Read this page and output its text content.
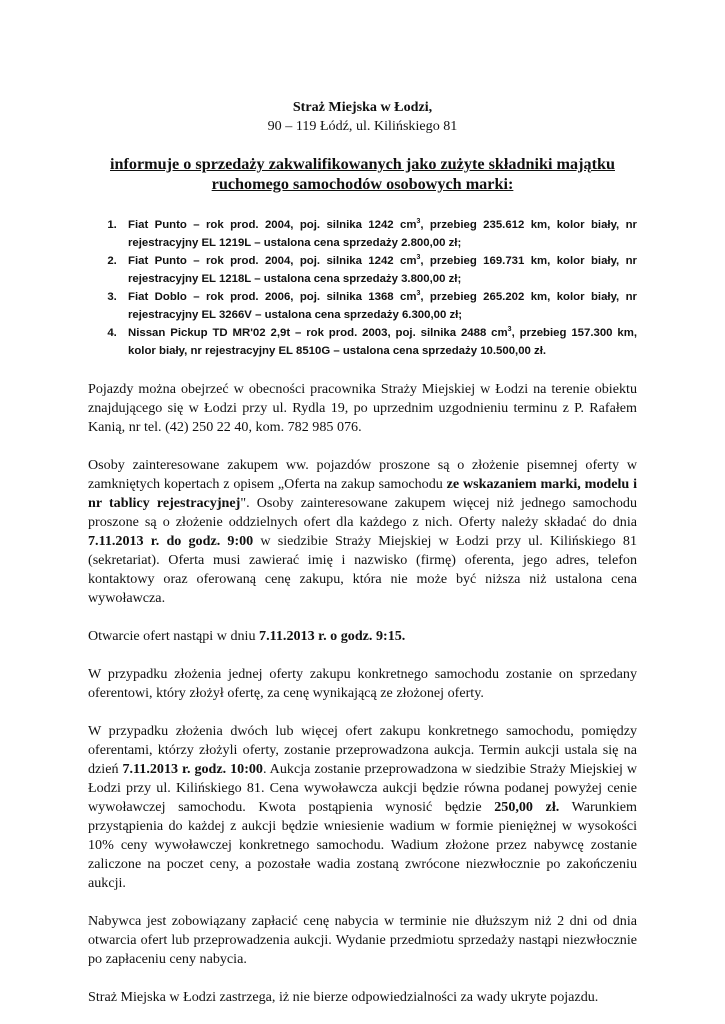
Straż Miejska w Łodzi,

90 – 119 Łódź, ul. Kilińskiego 81

informuje o sprzedaży zakwalifikowanych jako zużyte składniki majątku ruchomego samochodów osobowych marki:

1. Fiat Punto – rok prod. 2004, poj. silnika 1242 $cm^3$, przebieg 235.612 km, kolor biały, nr rejestracyjny EL 1219L – ustalona cena sprzedaży 2.800,00 zł;
2. Fiat Punto – rok prod. 2004, poj. silnika 1242 $cm^3$, przebieg 169.731 km, kolor biały, nr rejestracyjny EL 1218L – ustalona cena sprzedaży 3.800,00 zł;
3. Fiat Doblo – rok prod. 2006, poj. silnika 1368 $cm^3$, przebieg 265.202 km, kolor biały, nr rejestracyjny EL 3266V – ustalona cena sprzedaży 6.300,00 zł;
4. Nissan Pickup TD MR'02 2,9t – rok prod. 2003, poj. silnika 2488 $cm^3$, przebieg 157.300 km, kolor biały, nr rejestracyjny EL 8510G – ustalona cena sprzedaży 10.500,00 zł.

Pojazdy można obejrzeć w obecności pracownika Straży Miejskiej w Łodzi na terenie obiektu znajdującego się w Łodzi przy ul. Rydla 19, po uprzednim uzgodnieniu terminu z P. Rafałem Kanią, nr tel. (42) 250 22 40, kom. 782 985 076.

Osoby zainteresowane zakupem ww. pojazdów proszone są o złożenie pisemnej oferty w zamkniętych kopertach z opisem „Oferta na zakup samochodu ze wskazaniem marki, modelu i nr tablicy rejestracyjnej". Osoby zainteresowane zakupem więcej niż jednego samochodu proszone są o złożenie oddzielnych ofert dla każdego z nich. Oferty należy składać do dnia 7.11.2013 r. do godz. 9:00 w siedzibie Straży Miejskiej w Łodzi przy ul. Kilińskiego 81 (sekretariat). Oferta musi zawierać imię i nazwisko (firmę) oferenta, jego adres, telefon kontaktowy oraz oferowaną cenę zakupu, która nie może być niższa niż ustalona cena wywoławcza.

Otwarcie ofert nastąpi w dniu 7.11.2013 r. o godz. 9:15.

W przypadku złożenia jednej oferty zakupu konkretnego samochodu zostanie on sprzedany oferentowi, który złożył ofertę, za cenę wynikającą ze złożonej oferty.

W przypadku złożenia dwóch lub więcej ofert zakupu konkretnego samochodu, pomiędzy oferentami, którzy złożyli oferty, zostanie przeprowadzona aukcja. Termin aukcji ustala się na dzień 7.11.2013 r. godz. 10:00. Aukcja zostanie przeprowadzona w siedzibie Straży Miejskiej w Łodzi przy ul. Kilińskiego 81. Cena wywoławcza aukcji będzie równa podanej powyżej cenie wywoławczej samochodu. Kwota postąpienia wynosić będzie 250,00 zł. Warunkiem przystąpienia do każdej z aukcji będzie wniesienie wadium w formie pieniężnej w wysokości 10% ceny wywoławczej konkretnego samochodu. Wadium złożone przez nabywcę zostanie zaliczone na poczet ceny, a pozostałe wadia zostaną zwrócone niezwłocznie po zakończeniu aukcji.

Nabywca jest zobowiązany zapłacić cenę nabycia w terminie nie dłuższym niż 2 dni od dnia otwarcia ofert lub przeprowadzenia aukcji. Wydanie przedmiotu sprzedaży nastąpi niezwłocznie po zapłaceniu ceny nabycia.

Straż Miejska w Łodzi zastrzega, iż nie bierze odpowiedzialności za wady ukryte pojazdu.
